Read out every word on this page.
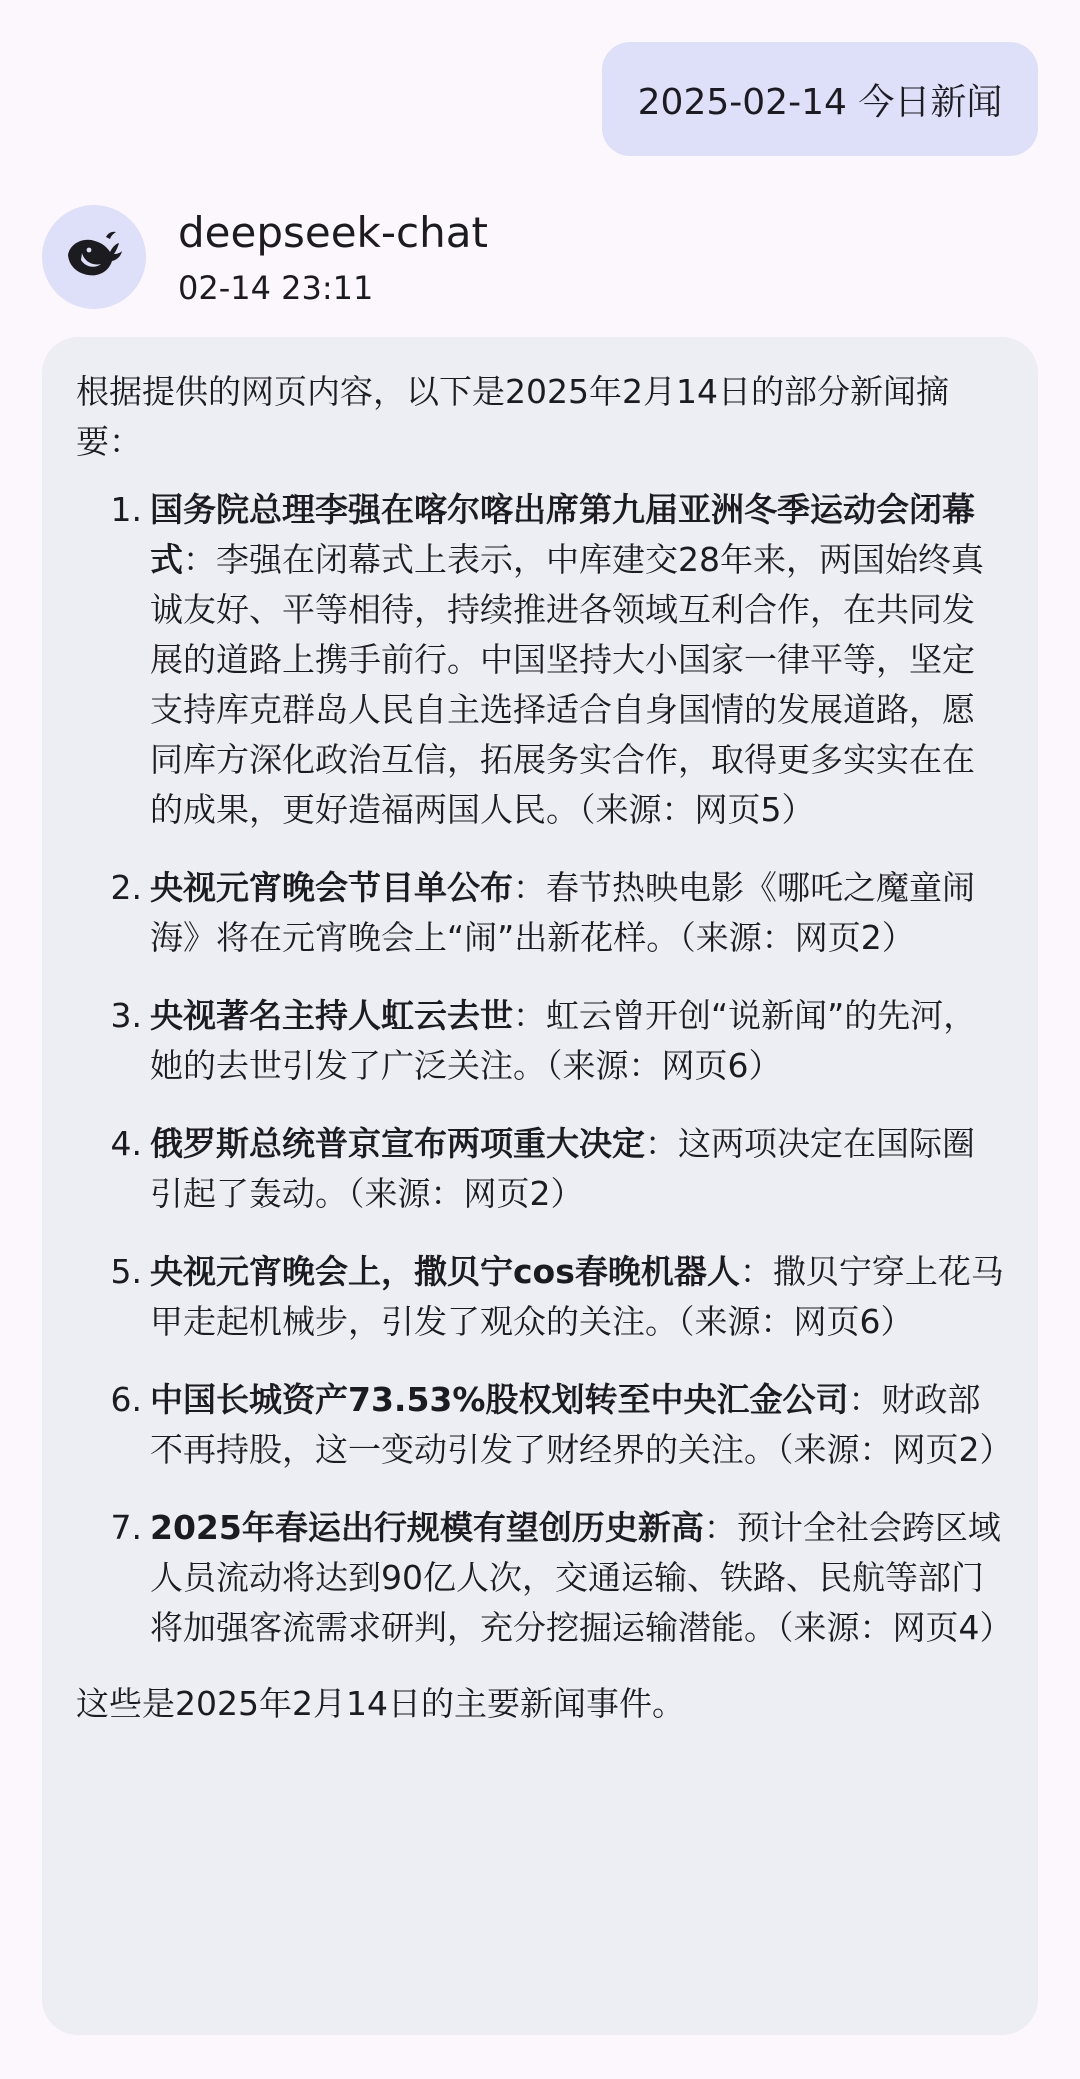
2025-02-14 今日新闻
deepseek-chat
02-14 23:11

根据提供的网页内容，以下是2025年2月14日的部分新闻摘要：

1. 国务院总理李强在喀尔喀出席第九届亚洲冬季运动会闭幕式：李强在闭幕式上表示，中库建交28年来，两国始终真诚友好、平等相待，持续推进各领域互利合作，在共同发展的道路上携手前行。中国坚持大小国家一律平等，坚定支持库克群岛人民自主选择适合自身国情的发展道路，愿同库方深化政治互信，拓展务实合作，取得更多实实在在的成果，更好造福两国人民。（来源：网页5）
2. 央视元宵晚会节目单公布：春节热映电影《哪吒之魔童闹海》将在元宵晚会上“闹”出新花样。（来源：网页2）
3. 央视著名主持人虹云去世：虹云曾开创“说新闻”的先河，她的去世引发了广泛关注。（来源：网页6）
4. 俄罗斯总统普京宣布两项重大决定：这两项决定在国际圈引起了轰动。（来源：网页2）
5. 央视元宵晚会上，撒贝宁cos春晚机器人：撒贝宁穿上花马甲走起机械步，引发了观众的关注。（来源：网页6）
6. 中国长城资产73.53%股权划转至中央汇金公司：财政部不再持股，这一变动引发了财经界的关注。（来源：网页2）
7. 2025年春运出行规模有望创历史新高：预计全社会跨区域人员流动将达到90亿人次，交通运输、铁路、民航等部门将加强客流需求研判，充分挖掘运输潜能。（来源：网页4）

这些是2025年2月14日的主要新闻事件。
